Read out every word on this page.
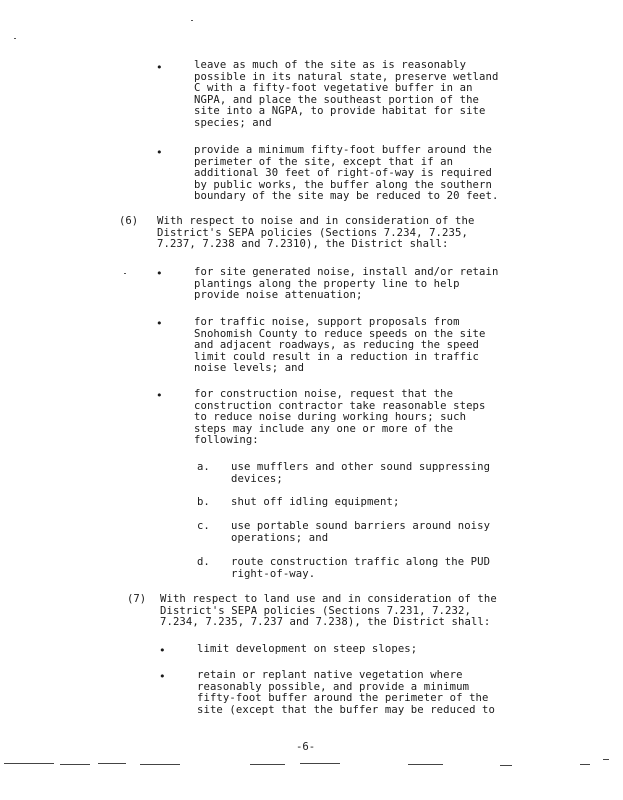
•	leave as much of the site as is reasonably
possible in its natural state, preserve wetland
C with a fifty-foot vegetative buffer in an
NGPA, and place the southeast portion of the
site into a NGPA, to provide habitat for site
species; and
•	provide a minimum fifty-foot buffer around the
perimeter of the site, except that if an
additional 30 feet of right-of-way is required
by public works, the buffer along the southern
boundary of the site may be reduced to 20 feet.
(6) With respect to noise and in consideration of the
District's SEPA policies (Sections 7.234, 7.235,
7.237, 7.238 and 7.2310), the District shall:
•	for site generated noise, install and/or retain
plantings along the property line to help
provide noise attenuation;
•	for traffic noise, support proposals from
Snohomish County to reduce speeds on the site
and adjacent roadways, as reducing the speed
limit could result in a reduction in traffic
noise levels; and
•	for construction noise, request that the
construction contractor take reasonable steps
to reduce noise during working hours; such
steps may include any one or more of the
following:
a. use mufflers and other sound suppressing
devices;
b. shut off idling equipment;
c. use portable sound barriers around noisy
operations; and
d. route construction traffic along the PUD
right-of-way.
(7) With respect to land use and in consideration of the
District's SEPA policies (Sections 7.231, 7.232,
7.234, 7.235, 7.237 and 7.238), the District shall:
•	limit development on steep slopes;
•	retain or replant native vegetation where
reasonably possible, and provide a minimum
fifty-foot buffer around the perimeter of the
site (except that the buffer may be reduced to
-6-
